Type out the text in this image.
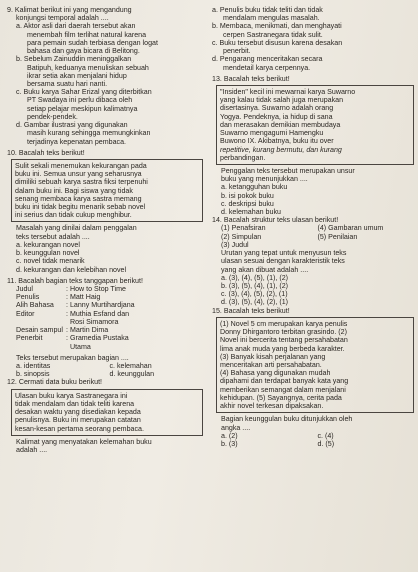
9. Kalimat berikut ini yang mengandung

konjungsi temporal adalah ....

a. Aktor asli dari daerah tersebut akan
menembah film terlihat natural karena
para pemain sudah terbiasa dengan logat
bahasa dan gaya bicara di Belitong.
b. Sebelum Zainuddin meninggalkan
Batipuh, keduanya menuliskan sebuah
ikrar setia akan menjalani hidup
bersama suatu hari nanti.
c. Buku karya Sahar Erizal yang diterbitkan
PT Swadaya ini perlu dibaca oleh
setiap pelajar meskipun kalimatnya
pendek-pendek.
d. Gambar ilustrasi yang digunakan
masih kurang sehingga memungkinkan
terjadinya kepenatan pembaca.

10. Bacalah teks berikut!

Sulit sekali menemukan kekurangan pada
buku ini. Semua unsur yang seharusnya
dimiliki sebuah karya sastra fiksi terpenuhi
dalam buku ini. Bagi siswa yang tidak
senang membaca karya sastra memang
buku ini tidak begitu menarik sebab novel
ini serius dan tidak cukup menghibur.
Masalah yang dinilai dalam penggalan
teks tersebut adalah ....
a. kekurangan novel
b. keunggulan novel
c. novel tidak menarik
d. kekurangan dan kelebihan novel

11. Bacalah bagian teks tanggapan berikut!

Judul	: How to Stop Time
Penulis	: Matt Haig
Alih Bahasa	: Lanny Murtihardjana
Editor	: Muthia Esfand dan
	Rosi Simamora
Desain sampul	: Martin Dima
Penerbit	: Gramedia Pustaka
	Utama
Teks tersebut merupakan bagian ....
a. identitas	c. kelemahan
b. sinopsis	d. keunggulan

12. Cermati data buku berikut!

Ulasan buku karya Sastranegara ini
tidak mendalam dan tidak teliti karena
desakan waktu yang disediakan kepada
penulisnya. Buku ini merupakan catatan
kesan-kesan pertama seorang pembaca.
Kalimat yang menyatakan kelemahan buku
adalah ....
a. Penulis buku tidak teliti dan tidak
mendalam mengulas masalah.
b. Membaca, menikmati, dan menghayati
cerpen Sastranegara tidak sulit.
c. Buku tersebut disusun karena desakan
penerbit.
d. Pengarang menceritakan secara
mendetail karya cerpennya.

13. Bacalah teks berikut!

"Insiden" kecil ini mewarnai karya Suwarno
yang kalau tidak salah juga merupakan
disertasinya. Suwarno adalah orang
Yogya. Pendeknya, ia hidup di sana
dan merasakan demikian membudaya
Suwarno mengagumi Hamengku
Buwono IX. Akibatnya, buku itu over
repetitive, kurang bermutu, dan kurang
perbandingan.
Penggalan teks tersebut merupakan unsur
buku yang menunjukkan ....
a. ketangguhan buku
b. isi pokok buku
c. deskripsi buku
d. kelemahan buku

14. Bacalah struktur teks ulasan berikut!

(1) Penafsiran	(4) Gambaran umum
(2) Simpulan	(5) Penilaian
(3) Judul
Urutan yang tepat untuk menyusun teks
ulasan sesuai dengan karakteristik teks
yang akan dibuat adalah ....
a. (3), (4), (5), (1), (2)
b. (3), (5), (4), (1), (2)
c. (3), (4), (5), (2), (1)
d. (3), (5), (4), (2), (1)

15. Bacalah teks berikut!

(1) Novel 5 cm merupakan karya penulis
Donny Dhirgantoro terbitan grasindo. (2)
Novel ini bercerita tentang persahabatan
lima anak muda yang berbeda karakter.
(3) Banyak kisah perjalanan yang
menceritakan arti persahabatan.
(4) Bahasa yang digunakan mudah
dipahami dan terdapat banyak kata yang
memberikan semangat dalam menjalani
kehidupan. (5) Sayangnya, cerita pada
akhir novel terkesan dipaksakan.
Bagian keunggulan buku ditunjukkan oleh
angka ....
a. (2)	c. (4)
b. (3)	d. (5)
